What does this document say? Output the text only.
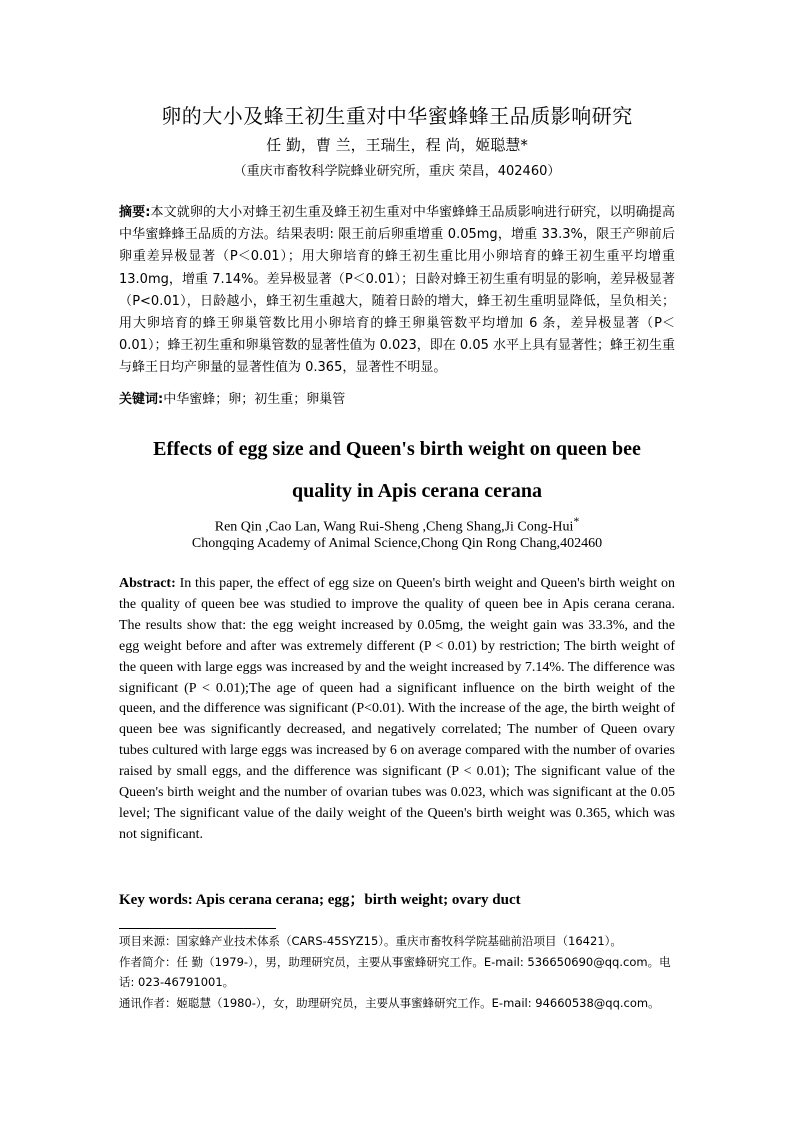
卵的大小及蜂王初生重对中华蜜蜂蜂王品质影响研究
任 勤，曹 兰，王瑞生，程 尚，姬聪慧*
（重庆市畜牧科学院蜂业研究所，重庆 荣昌，402460）
摘要:本文就卵的大小对蜂王初生重及蜂王初生重对中华蜜蜂蜂王品质影响进行研究，以明确提高中华蜜蜂蜂王品质的方法。结果表明: 限王前后卵重增重 0.05mg，增重 33.3%，限王产卵前后卵重差异极显著（P＜0.01）；用大卵培育的蜂王初生重比用小卵培育的蜂王初生重平均增重 13.0mg，增重 7.14%。差异极显著（P＜0.01）；日龄对蜂王初生重有明显的影响，差异极显著（P<0.01），日龄越小，蜂王初生重越大，随着日龄的增大，蜂王初生重明显降低，呈负相关；用大卵培育的蜂王卵巢管数比用小卵培育的蜂王卵巢管数平均增加 6 条，差异极显著（P＜0.01）；蜂王初生重和卵巢管数的显著性值为 0.023，即在 0.05 水平上具有显著性；蜂王初生重与蜂王日均产卵量的显著性值为 0.365，显著性不明显。
关键词:中华蜜蜂；卵；初生重；卵巢管
Effects of egg size and Queen's birth weight on queen bee
quality in Apis cerana cerana
Ren Qin ,Cao Lan, Wang Rui-Sheng ,Cheng Shang,Ji Cong-Hui*
Chongqing Academy of Animal Science,Chong Qin Rong Chang,402460
Abstract: In this paper, the effect of egg size on Queen's birth weight and Queen's birth weight on the quality of queen bee was studied to improve the quality of queen bee in Apis cerana cerana. The results show that: the egg weight increased by 0.05mg, the weight gain was 33.3%, and the egg weight before and after was extremely different (P < 0.01) by restriction; The birth weight of the queen with large eggs was increased by and the weight increased by 7.14%. The difference was significant (P < 0.01);The age of queen had a significant influence on the birth weight of the queen, and the difference was significant (P<0.01). With the increase of the age, the birth weight of queen bee was significantly decreased, and negatively correlated; The number of Queen ovary tubes cultured with large eggs was increased by 6 on average compared with the number of ovaries raised by small eggs, and the difference was significant (P < 0.01); The significant value of the Queen's birth weight and the number of ovarian tubes was 0.023, which was significant at the 0.05 level; The significant value of the daily weight of the Queen's birth weight was 0.365, which was not significant.
Key words: Apis cerana cerana; egg；birth weight; ovary duct

项目来源：国家蜂产业技术体系（CARS-45SYZ15）。重庆市畜牧科学院基础前沿项目（16421）。

作者简介：任 勤（1979-），男，助理研究员，主要从事蜜蜂研究工作。E-mail: 536650690@qq.com。电话: 023-46791001。

通讯作者：姬聪慧（1980-），女，助理研究员，主要从事蜜蜂研究工作。E-mail: 94660538@qq.com。
